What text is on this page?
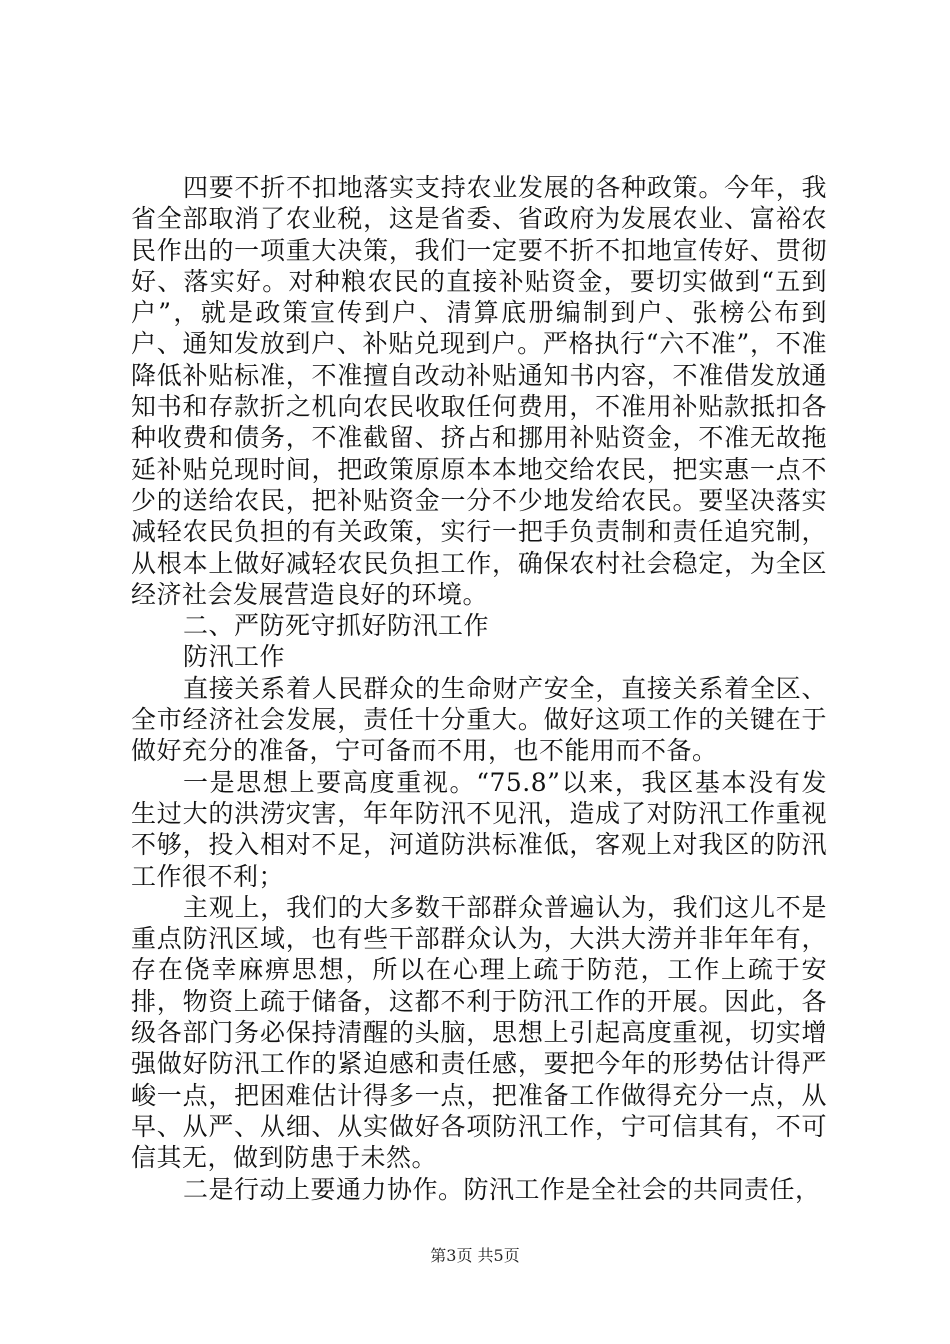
四要不折不扣地落实支持农业发展的各种政策。今年，我省全部取消了农业税，这是省委、省政府为发展农业、富裕农民作出的一项重大决策，我们一定要不折不扣地宣传好、贯彻好、落实好。对种粮农民的直接补贴资金，要切实做到“五到户”，就是政策宣传到户、清算底册编制到户、张榜公布到户、通知发放到户、补贴兑现到户。严格执行“六不准”，不准降低补贴标准，不准擅自改动补贴通知书内容，不准借发放通知书和存款折之机向农民收取任何费用，不准用补贴款抵扣各种收费和债务，不准截留、挤占和挪用补贴资金，不准无故拖延补贴兑现时间，把政策原原本本地交给农民，把实惠一点不少的送给农民，把补贴资金一分不少地发给农民。要坚决落实减轻农民负担的有关政策，实行一把手负责制和责任追究制，从根本上做好减轻农民负担工作，确保农村社会稳定，为全区经济社会发展营造良好的环境。

二、严防死守抓好防汛工作

防汛工作

直接关系着人民群众的生命财产安全，直接关系着全区、全市经济社会发展，责任十分重大。做好这项工作的关键在于做好充分的准备，宁可备而不用，也不能用而不备。

一是思想上要高度重视。“75.8”以来，我区基本没有发生过大的洪涝灾害，年年防汛不见汛，造成了对防汛工作重视不够，投入相对不足，河道防洪标准低，客观上对我区的防汛工作很不利；

主观上，我们的大多数干部群众普遍认为，我们这儿不是重点防汛区域，也有些干部群众认为，大洪大涝并非年年有，存在侥幸麻痹思想，所以在心理上疏于防范，工作上疏于安排，物资上疏于储备，这都不利于防汛工作的开展。因此，各级各部门务必保持清醒的头脑，思想上引起高度重视，切实增强做好防汛工作的紧迫感和责任感，要把今年的形势估计得严峻一点，把困难估计得多一点，把准备工作做得充分一点，从早、从严、从细、从实做好各项防汛工作，宁可信其有，不可信其无，做到防患于未然。

二是行动上要通力协作。防汛工作是全社会的共同责任，

第3页 共5页
